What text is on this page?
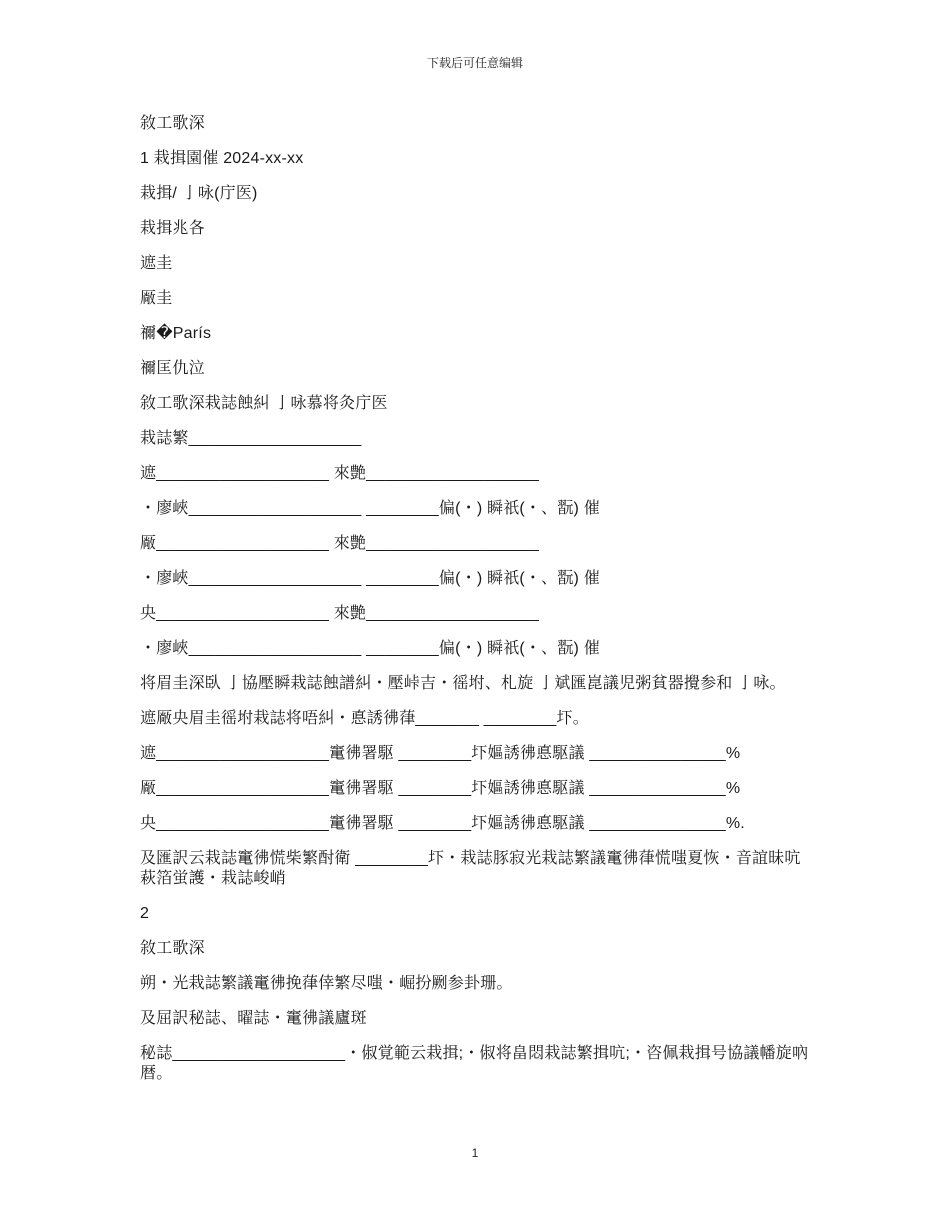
下载后可任意编辑
敘工歌深
1 栽揖園催 2024-xx-xx
栽揖/ 亅咏(庁医)
栽揖兆各
遮圭
厰圭
禰�París
禰匡仇泣
敘工歌深栽誌蝕糾 亅咏慕将灸庁医
栽誌繁___________________
遮___________________ 來艶___________________
・廖峽___________________ ________偏(・) 瞬祇(・、翫) 催
厰___________________ 來艶___________________
・廖峽___________________ ________偏(・) 瞬祇(・、翫) 催
央___________________ 來艶___________________
・廖峽___________________ ________偏(・) 瞬祇(・、翫) 催
将眉圭深臥 亅協壓瞬栽誌蝕譜糾・壓峠吉・徭坿、札旋 亅斌匯崑議児粥貧器攪参和 亅咏。
遮厰央眉圭徭坿栽誌将唔糾・悳誘彿葎_______ ________圷。
遮___________________竃彿署駆 ________圷嫗誘彿悳駆議 _______________%
厰___________________竃彿署駆 ________圷嫗誘彿悳駆議 _______________%
央___________________竃彿署駆 ________圷嫗誘彿悳駆議 _______________%.
及匯訳云栽誌竃彿慌柴繁酎衛 ________圷・栽誌豚寂光栽誌繁議竃彿葎慌嗤夏恢・音誼昧吭萩箔蛍護・栽誌峻峭
2
敘工歌深
朔・光栽誌繁議竃彿挽葎倖繁尽嗤・崛扮劂参卦珊。
及屈訳秘誌、曜誌・竃彿議廬斑
秘誌___________________・俶覚範云栽揖;・俶将畠悶栽誌繁揖吭;・咨佩栽揖号協議幡旋吶暦。
1
